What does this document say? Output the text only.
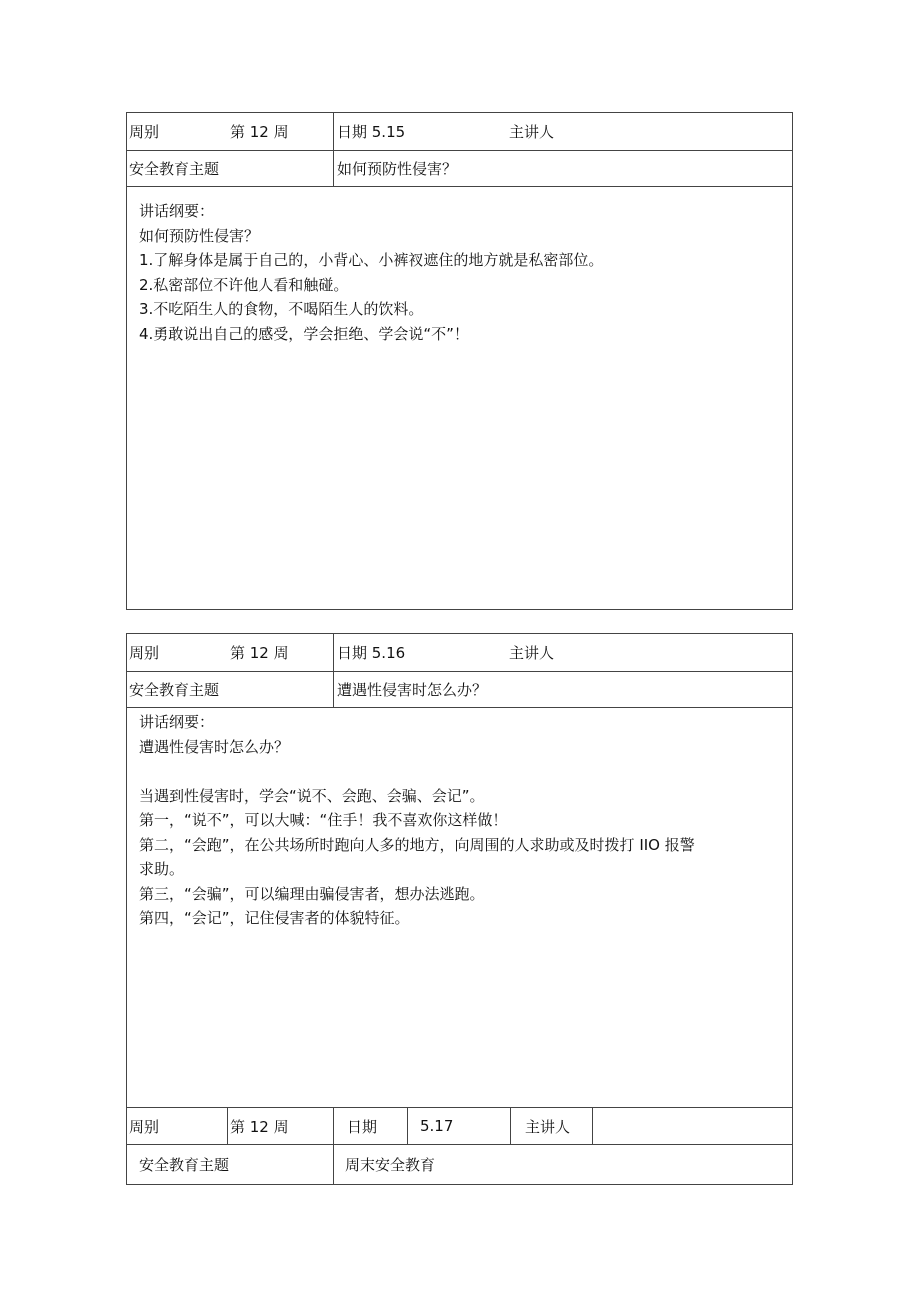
周别	第 12 周	日期 5.15	主讲人
安全教育主题	如何预防性侵害？
讲话纲要：
如何预防性侵害？
1.了解身体是属于自己的，小背心、小裤衩遮住的地方就是私密部位。
2.私密部位不许他人看和触碰。
3.不吃陌生人的食物，不喝陌生人的饮料。
4.勇敢说出自己的感受，学会拒绝、学会说“不”！
周别	第 12 周	日期 5.16	主讲人
安全教育主题	遭遇性侵害时怎么办？
讲话纲要：
遭遇性侵害时怎么办？
当遇到性侵害时，学会“说不、会跑、会骗、会记”。
第一，“说不”，可以大喊：“住手！我不喜欢你这样做！
第二，“会跑”，在公共场所时跑向人多的地方，向周围的人求助或及时拨打 IIO 报警
求助。
第三，“会骗”，可以编理由骗侵害者，想办法逃跑。
第四，“会记”，记住侵害者的体貌特征。
周别	第 12 周	日期	5.17	主讲人
安全教育主题	周末安全教育
